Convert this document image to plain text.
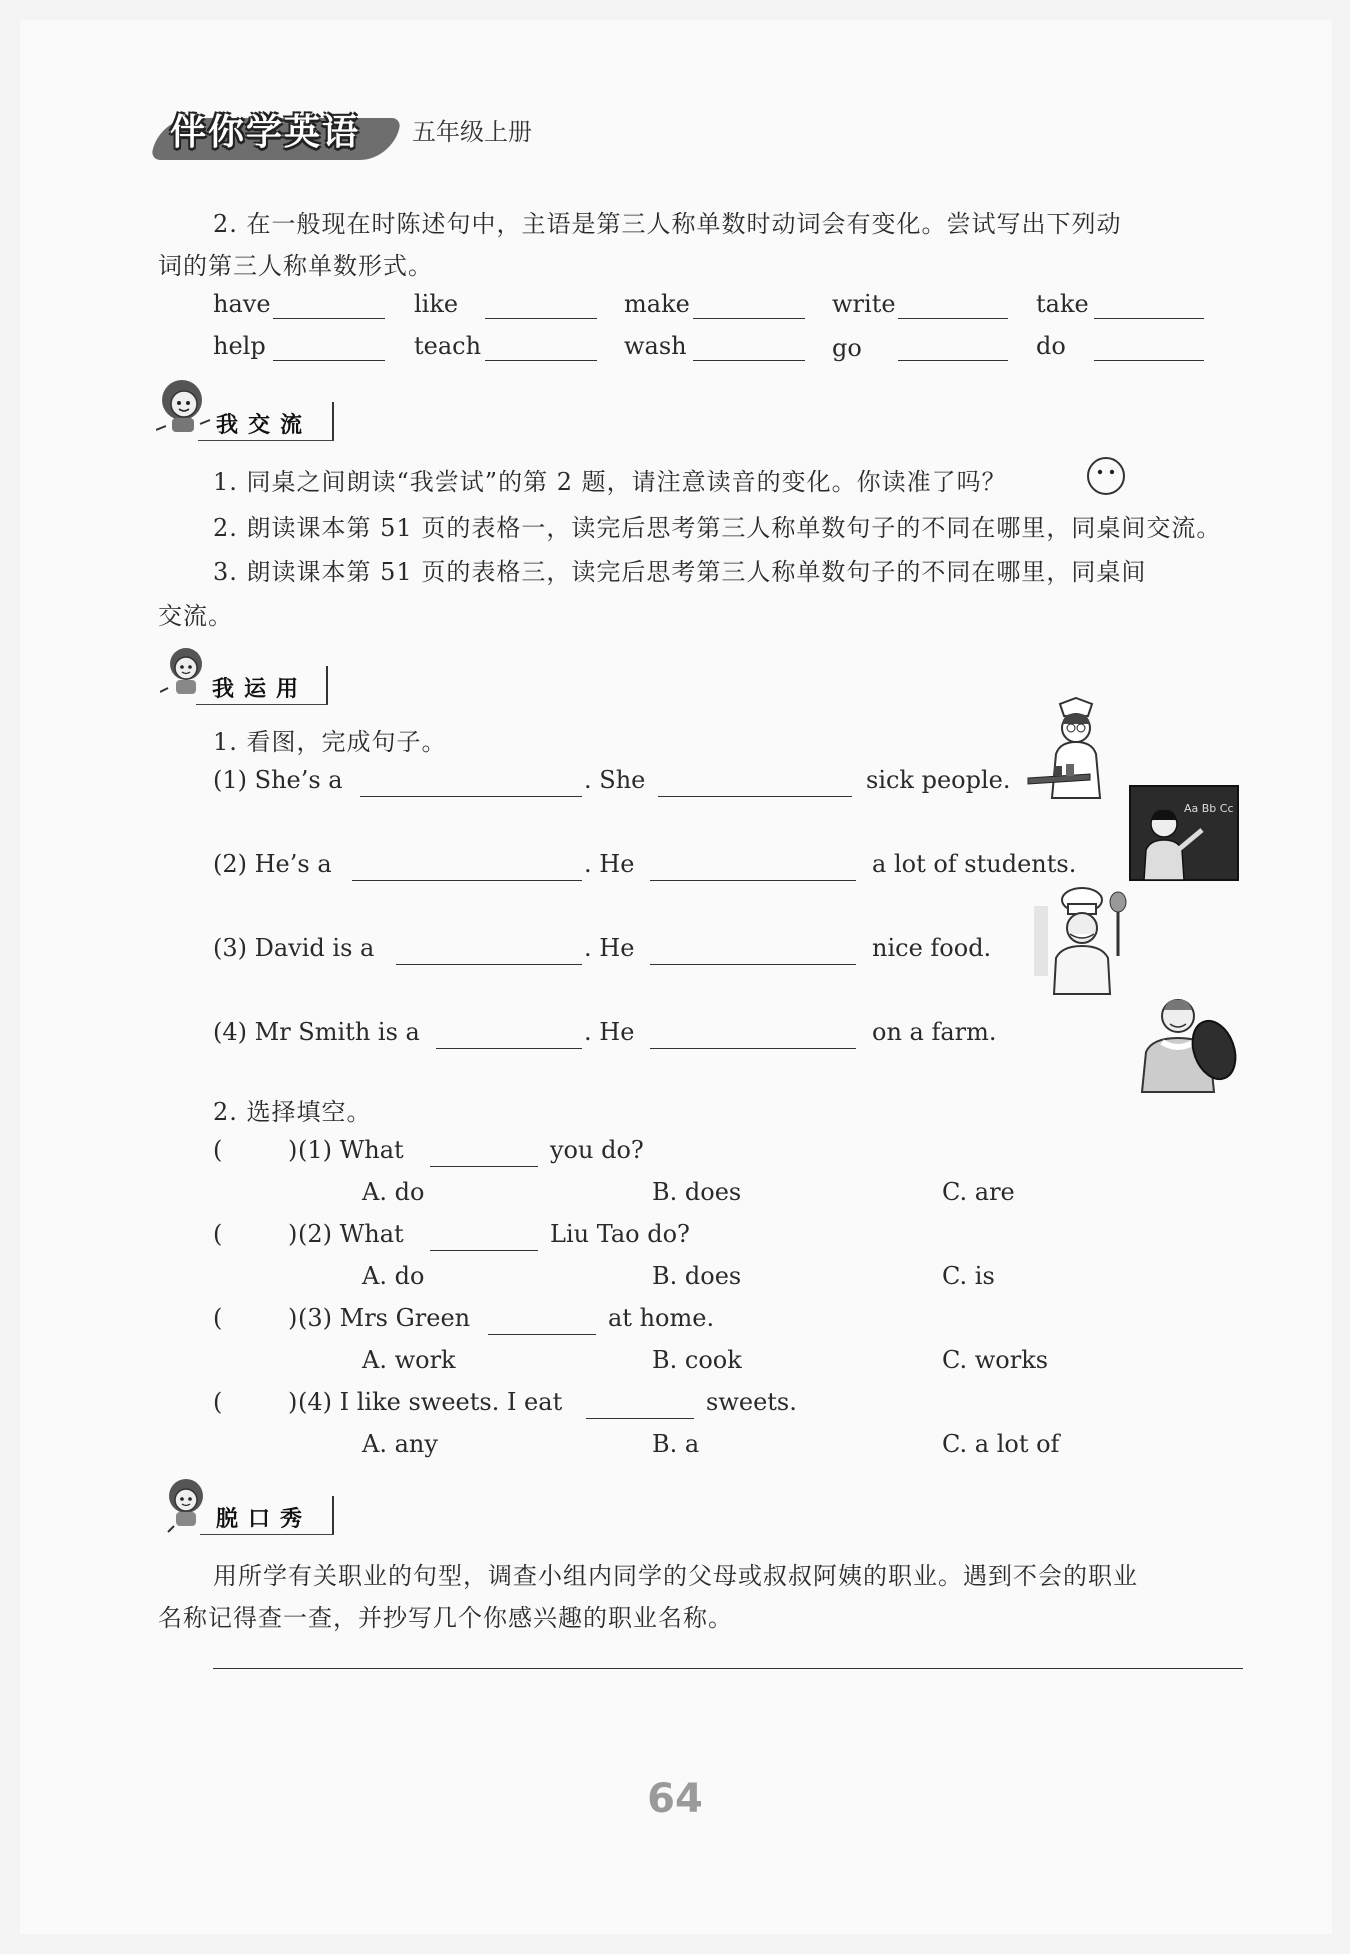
伴你学英语 五年级上册
2. 在一般现在时陈述句中，主语是第三人称单数时动词会有变化。尝试写出下列动
词的第三人称单数形式。
have	like	make	write	take
help	teach	wash	go	do
我交流
1. 同桌之间朗读“我尝试”的第 2 题，请注意读音的变化。你读准了吗？
2. 朗读课本第 51 页的表格一，读完后思考第三人称单数句子的不同在哪里，同桌间交流。
3. 朗读课本第 51 页的表格三，读完后思考第三人称单数句子的不同在哪里，同桌间
交流。
我运用
1. 看图，完成句子。
(1) She’s a	. She	sick people.
(2) He’s a	. He	a lot of students.
(3) David is a	. He	nice food.
(4) Mr Smith is a	. He	on a farm.
Aa Bb Cc
2. 选择填空。
(	) (1) What	you do?
A. do	B. does	C. are
(	) (2) What	Liu Tao do?
A. do	B. does	C. is
(	) (3) Mrs Green	at home.
A. work	B. cook	C. works
(	) (4) I like sweets. I eat	sweets.
A. any	B. a	C. a lot of
脱口秀
用所学有关职业的句型，调查小组内同学的父母或叔叔阿姨的职业。遇到不会的职业
名称记得查一查，并抄写几个你感兴趣的职业名称。
64
